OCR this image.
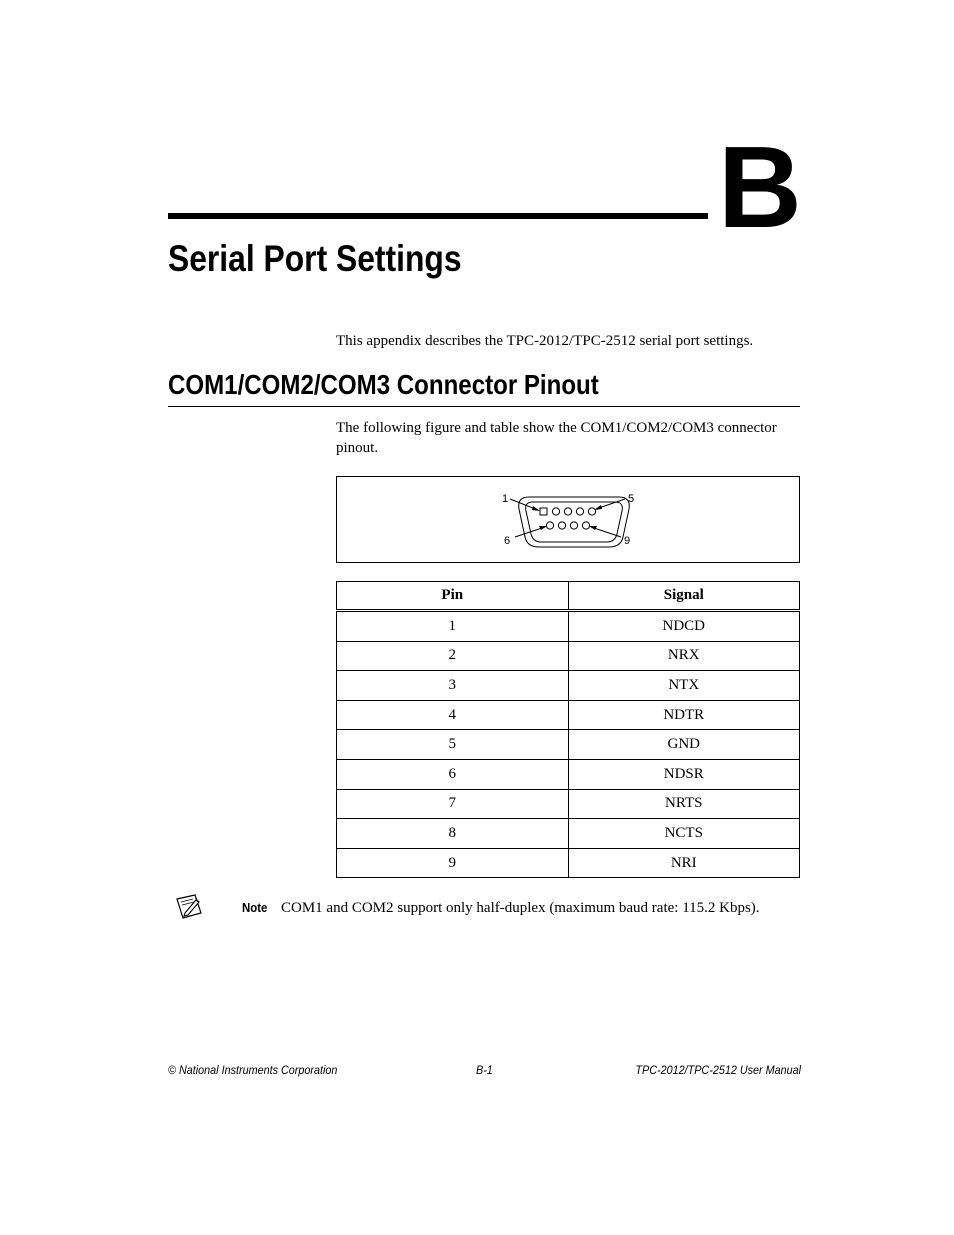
B
Serial Port Settings
This appendix describes the TPC-2012/TPC-2512 serial port settings.
COM1/COM2/COM3 Connector Pinout
The following figure and table show the COM1/COM2/COM3 connector pinout.
1	5
6	9
Pin	Signal
1	NDCD
2	NRX
3	NTX
4	NDTR
5	GND
6	NDSR
7	NRTS
8	NCTS
9	NRI
Note COM1 and COM2 support only half-duplex (maximum baud rate: 115.2 Kbps).
© National Instruments Corporation	B-1	TPC-2012/TPC-2512 User Manual
